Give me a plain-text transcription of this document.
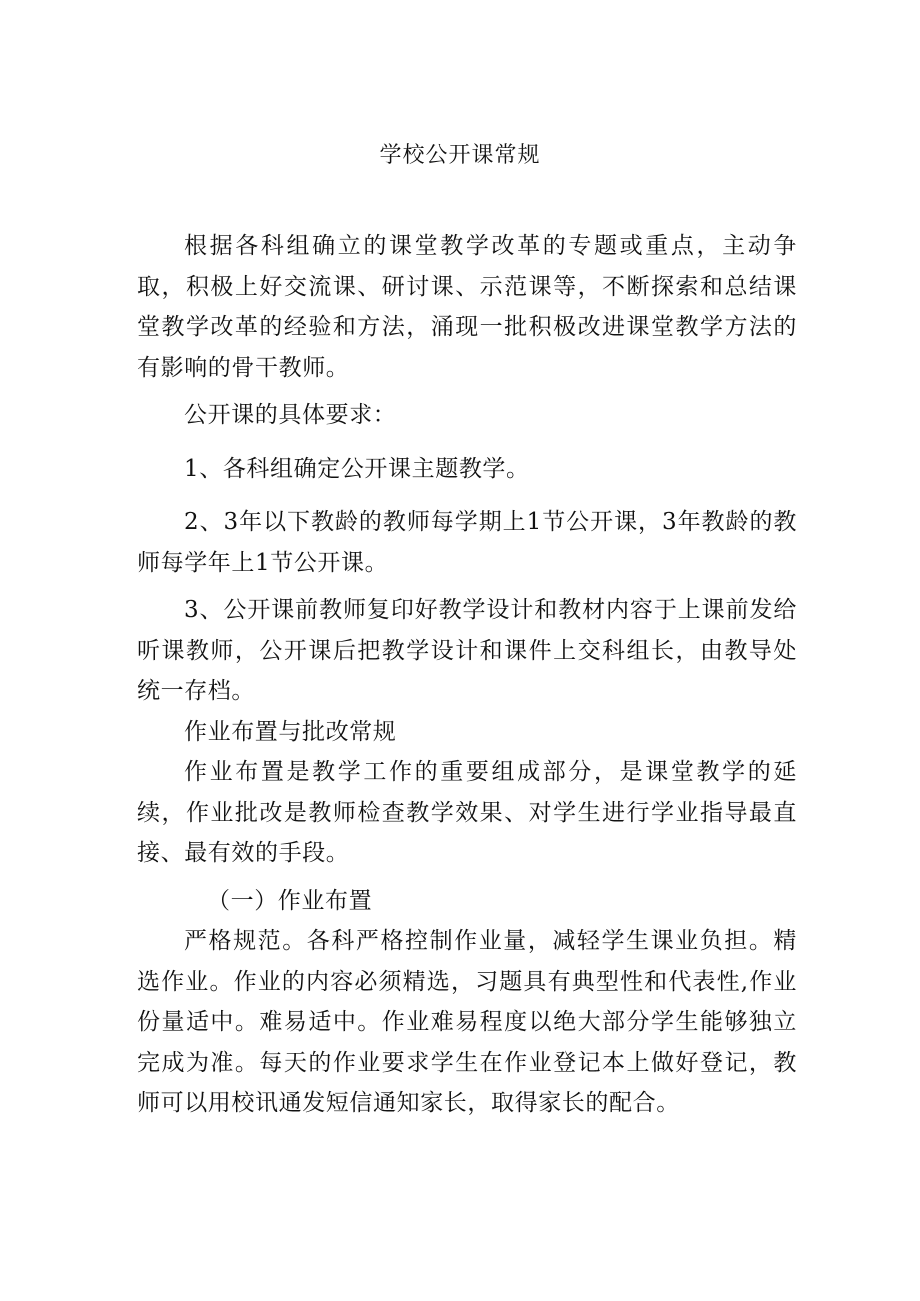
学校公开课常规

根据各科组确立的课堂教学改革的专题或重点，主动争取，积极上好交流课、研讨课、示范课等，不断探索和总结课堂教学改革的经验和方法，涌现一批积极改进课堂教学方法的有影响的骨干教师。

公开课的具体要求：

1、各科组确定公开课主题教学。

2、3年以下教龄的教师每学期上1节公开课，3年教龄的教师每学年上1节公开课。

3、公开课前教师复印好教学设计和教材内容于上课前发给听课教师，公开课后把教学设计和课件上交科组长，由教导处统一存档。

作业布置与批改常规

作业布置是教学工作的重要组成部分，是课堂教学的延续，作业批改是教师检查教学效果、对学生进行学业指导最直接、最有效的手段。

（一）作业布置

严格规范。各科严格控制作业量，减轻学生课业负担。精选作业。作业的内容必须精选，习题具有典型性和代表性,作业份量适中。难易适中。作业难易程度以绝大部分学生能够独立完成为准。每天的作业要求学生在作业登记本上做好登记，教师可以用校讯通发短信通知家长，取得家长的配合。
